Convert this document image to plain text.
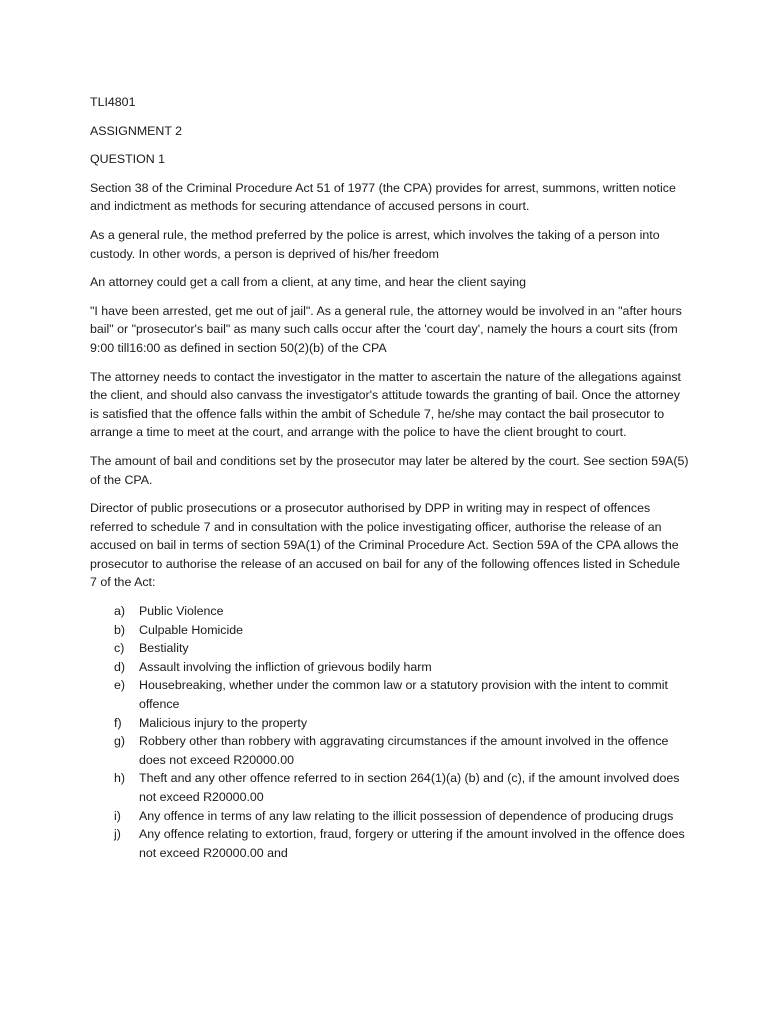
TLI4801

ASSIGNMENT 2

QUESTION 1

Section 38 of the Criminal Procedure Act 51 of 1977 (the CPA) provides for arrest, summons, written notice and indictment as methods for securing attendance of accused persons in court.

As a general rule, the method preferred by the police is arrest, which involves the taking of a person into custody. In other words, a person is deprived of his/her freedom

An attorney could get a call from a client, at any time, and hear the client saying

"I have been arrested, get me out of jail". As a general rule, the attorney would be involved in an "after hours bail" or "prosecutor's bail" as many such calls occur after the 'court day', namely the hours a court sits (from 9:00 till16:00 as defined in section 50(2)(b) of the CPA

The attorney needs to contact the investigator in the matter to ascertain the nature of the allegations against the client, and should also canvass the investigator's attitude towards the granting of bail. Once the attorney is satisfied that the offence falls within the ambit of Schedule 7, he/she may contact the bail prosecutor to arrange a time to meet at the court, and arrange with the police to have the client brought to court.

The amount of bail and conditions set by the prosecutor may later be altered by the court. See section 59A(5) of the CPA.

Director of public prosecutions or a prosecutor authorised by DPP in writing may in respect of offences referred to schedule 7 and in consultation with the police investigating officer, authorise the release of an accused on bail in terms of section 59A(1) of the Criminal Procedure Act. Section 59A of the CPA allows the prosecutor to authorise the release of an accused on bail for any of the following offences listed in Schedule 7 of the Act:

a)	Public Violence
b)	Culpable Homicide
c)	Bestiality
d)	Assault involving the infliction of grievous bodily harm
e)	Housebreaking, whether under the common law or a statutory provision with the intent to commit offence
f)	Malicious injury to the property
g)	Robbery other than robbery with aggravating circumstances if the amount involved in the offence does not exceed R20000.00
h)	Theft and any other offence referred to in section 264(1)(a) (b) and (c), if the amount involved does not exceed R20000.00
i)	Any offence in terms of any law relating to the illicit possession of dependence of producing drugs
j)	Any offence relating to extortion, fraud, forgery or uttering if the amount involved in the offence does not exceed R20000.00 and
